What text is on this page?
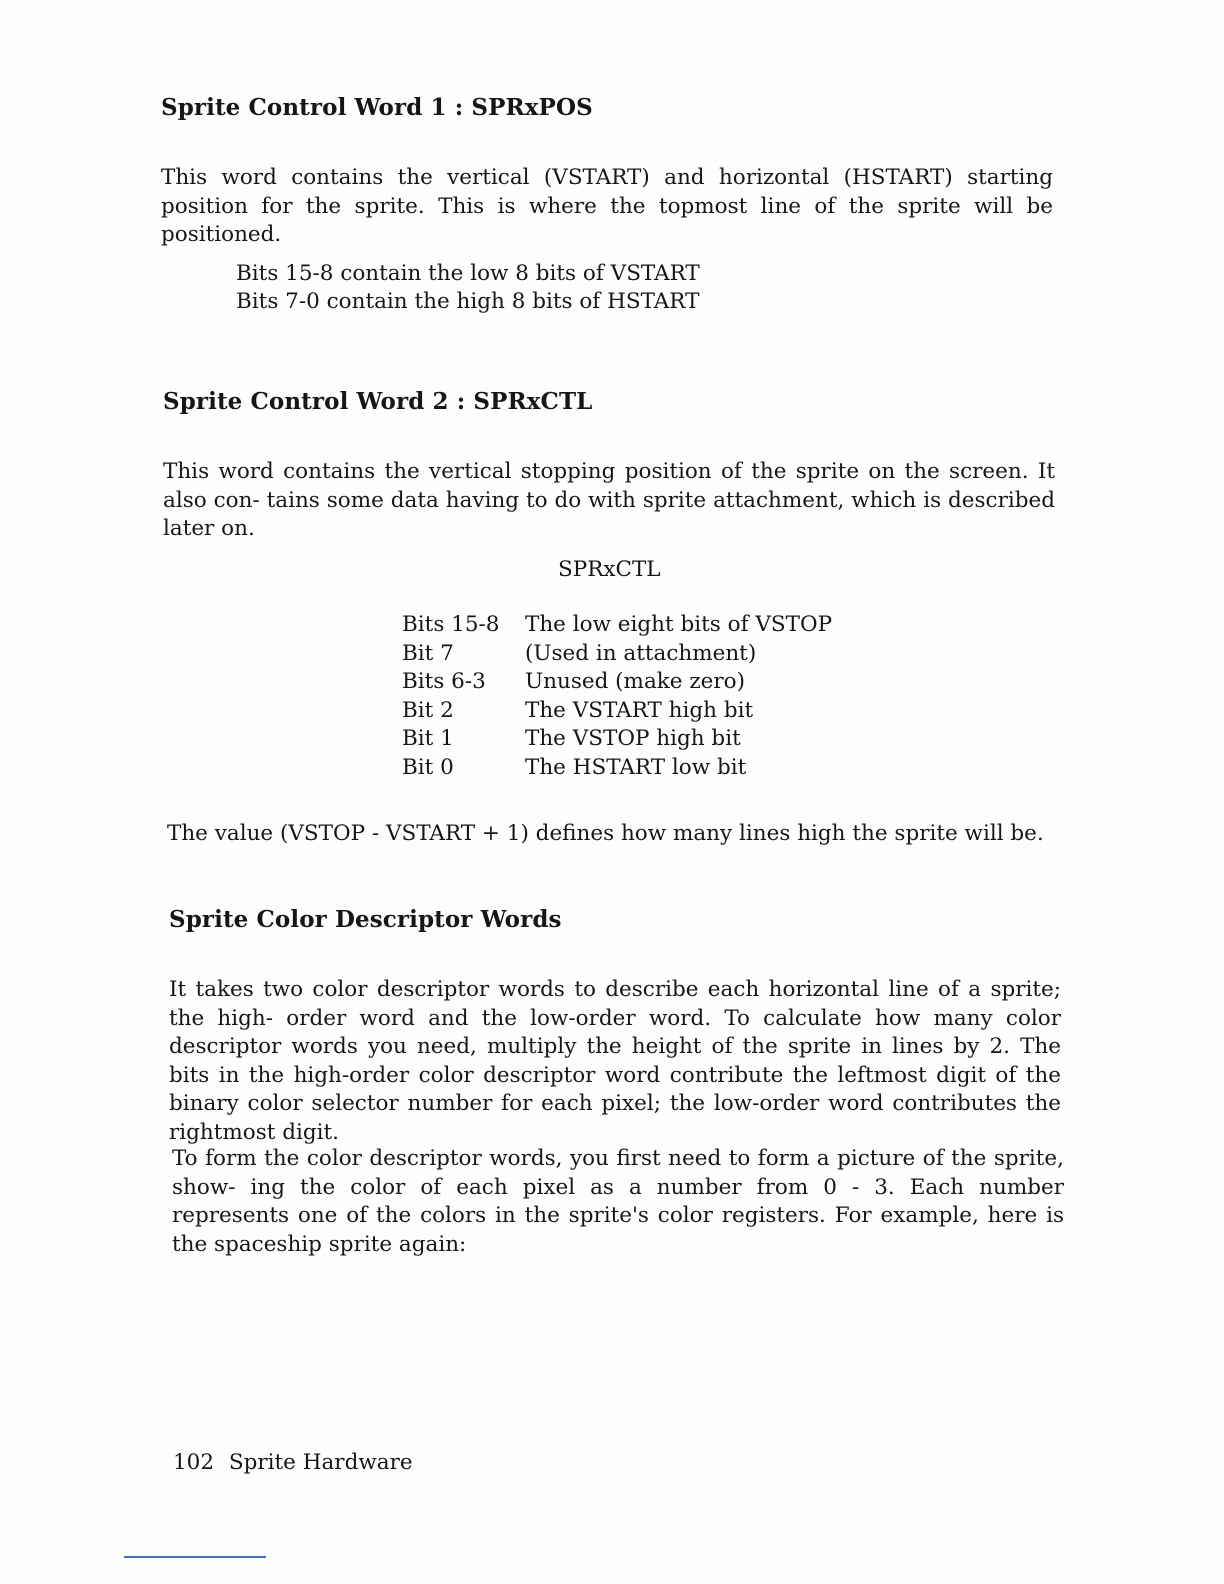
Sprite Control Word 1 : SPRxPOS
This word contains the vertical (VSTART) and horizontal (HSTART) starting position for the sprite. This is where the topmost line of the sprite will be positioned.
Bits 15-8 contain the low 8 bits of VSTART
Bits 7-0 contain the high 8 bits of HSTART
Sprite Control Word 2 : SPRxCTL
This word contains the vertical stopping position of the sprite on the screen. It also con- tains some data having to do with sprite attachment, which is described later on.
SPRxCTL
Bits 15-8	The low eight bits of VSTOP
Bit 7	(Used in attachment)
Bits 6-3	Unused (make zero)
Bit 2	The VSTART high bit
Bit 1	The VSTOP high bit
Bit 0	The HSTART low bit
The value (VSTOP - VSTART + 1) defines how many lines high the sprite will be.
Sprite Color Descriptor Words
It takes two color descriptor words to describe each horizontal line of a sprite; the high- order word and the low-order word. To calculate how many color descriptor words you need, multiply the height of the sprite in lines by 2. The bits in the high-order color descriptor word contribute the leftmost digit of the binary color selector number for each pixel; the low-order word contributes the rightmost digit.
To form the color descriptor words, you first need to form a picture of the sprite, show- ing the color of each pixel as a number from 0 - 3. Each number represents one of the colors in the sprite's color registers. For example, here is the spaceship sprite again:
102 Sprite Hardware
